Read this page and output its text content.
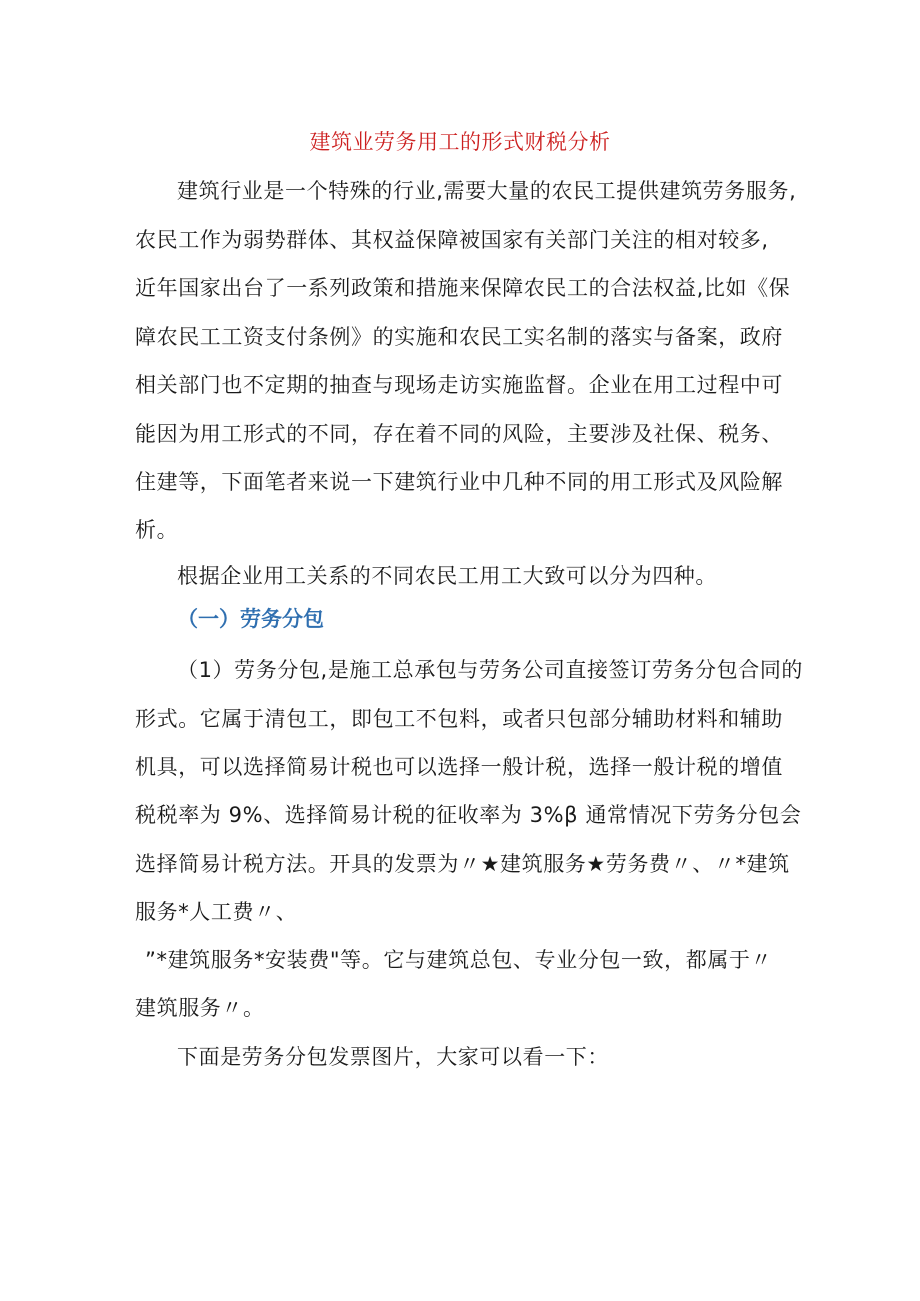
建筑业劳务用工的形式财税分析
建筑行业是一个特殊的行业,需要大量的农民工提供建筑劳务服务,
农民工作为弱势群体、其权益保障被国家有关部门关注的相对较多,
近年国家出台了一系列政策和措施来保障农民工的合法权益,比如《保
障农民工工资支付条例》的实施和农民工实名制的落实与备案，政府
相关部门也不定期的抽查与现场走访实施监督。企业在用工过程中可
能因为用工形式的不同，存在着不同的风险，主要涉及社保、税务、
住建等，下面笔者来说一下建筑行业中几种不同的用工形式及风险解
析。
根据企业用工关系的不同农民工用工大致可以分为四种。
（一）劳务分包
（1）劳务分包,是施工总承包与劳务公司直接签订劳务分包合同的
形式。它属于清包工，即包工不包料，或者只包部分辅助材料和辅助
机具，可以选择简易计税也可以选择一般计税，选择一般计税的增值
税税率为 9%、选择简易计税的征收率为 3%β 通常情况下劳务分包会
选择简易计税方法。开具的发票为〃★建筑服务★劳务费〃、〃*建筑
服务*人工费〃、
”*建筑服务*安装费"等。它与建筑总包、专业分包一致，都属于〃
建筑服务〃。
下面是劳务分包发票图片，大家可以看一下：
